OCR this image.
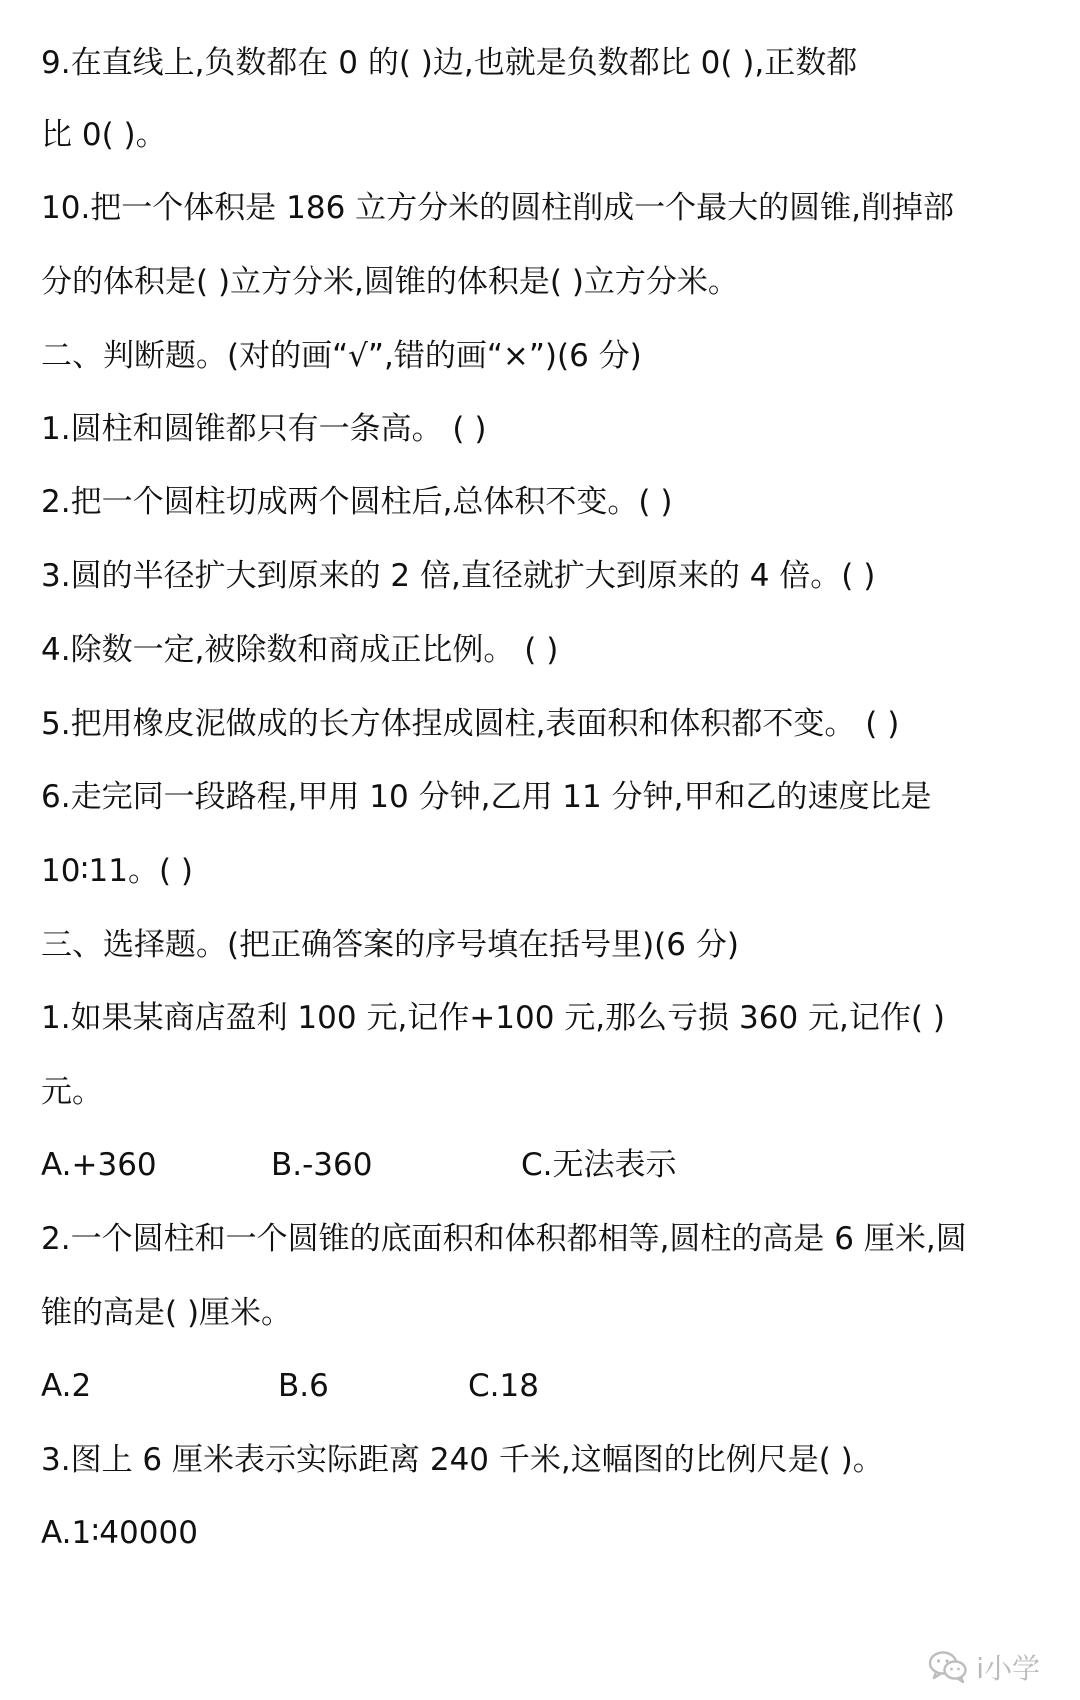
9.在直线上,负数都在 0 的( )边,也就是负数都比 0( ),正数都
比 0( )。
10.把一个体积是 186 立方分米的圆柱削成一个最大的圆锥,削掉部
分的体积是( )立方分米,圆锥的体积是( )立方分米。
二、判断题。(对的画“√”,错的画“×”)(6 分)
1.圆柱和圆锥都只有一条高。 ( )
2.把一个圆柱切成两个圆柱后,总体积不变。( )
3.圆的半径扩大到原来的 2 倍,直径就扩大到原来的 4 倍。( )
4.除数一定,被除数和商成正比例。 ( )
5.把用橡皮泥做成的长方体捏成圆柱,表面积和体积都不变。 ( )
6.走完同一段路程,甲用 10 分钟,乙用 11 分钟,甲和乙的速度比是
10∶11。( )
三、选择题。(把正确答案的序号填在括号里)(6 分)
1.如果某商店盈利 100 元,记作+100 元,那么亏损 360 元,记作( )
元。
A.+360	B.-360	C.无法表示
2.一个圆柱和一个圆锥的底面积和体积都相等,圆柱的高是 6 厘米,圆
锥的高是( )厘米。
A.2	B.6	C.18
3.图上 6 厘米表示实际距离 240 千米,这幅图的比例尺是( )。
A.1∶40000
i小学
